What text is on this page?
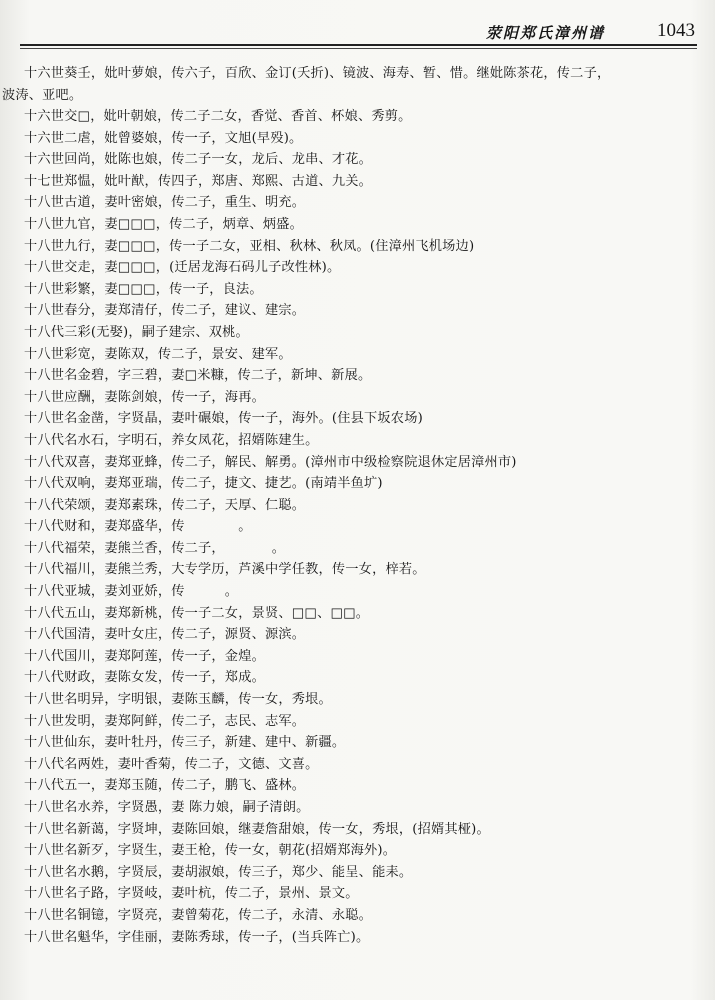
荥阳郑氏漳州谱	1043
十六世葵壬，妣叶萝娘，传六子，百欣、金订(夭折)、镜波、海寿、暂、惜。继妣陈茶花，传二子，
波涛、亚吧。
十六世交□，妣叶朝娘，传二子二女，香觉、香首、杯娘、秀剪。
十六世二虐，妣曾婆娘，传一子，文旭(早殁)。
十六世回尚，妣陈也娘，传二子一女，龙后、龙串、才花。
十七世郑愠，妣叶猷，传四子，郑唐、郑熙、古道、九关。
十八世古道，妻叶密娘，传二子，重生、明充。
十八世九官，妻□□□，传二子，炳章、炳盛。
十八世九行，妻□□□，传一子二女，亚相、秋林、秋凤。(住漳州飞机场边)
十八世交走，妻□□□，(迁居龙海石码儿子改性林)。
十八世彩繁，妻□□□，传一子，良法。
十八世春分，妻郑清仔，传二子，建议、建宗。
十八代三彩(无娶)，嗣子建宗、双桃。
十八世彩宽，妻陈双，传二子，景安、建军。
十八世名金碧，字三碧，妻□米糠，传二子，新坤、新展。
十八世应酬，妻陈剑娘，传一子，海再。
十八世名金凿，字贤晶，妻叶碾娘，传一子，海外。(住县下坂农场)
十八代名水石，字明石，养女凤花，招婿陈建生。
十八代双喜，妻郑亚蜂，传二子，解民、解勇。(漳州市中级检察院退休定居漳州市)
十八代双响，妻郑亚瑞，传二子，捷文、捷艺。(南靖半鱼圹)
十八代荣颂，妻郑素珠，传二子，天厚、仁聪。
十八代财和，妻郑盛华，传　　　　。
十八代福荣，妻熊兰香，传二子，　　　　。
十八代福川，妻熊兰秀，大专学历，芦溪中学任教，传一女，梓若。
十八代亚城，妻刘亚娇，传　　　。
十八代五山，妻郑新桃，传一子二女，景贤、□□、□□。
十八代国清，妻叶女庄，传二子，源贤、源滨。
十八代国川，妻郑阿莲，传一子，金煌。
十八代财政，妻陈女发，传一子，郑成。
十八世名明异，字明银，妻陈玉麟，传一女，秀垠。
十八世发明，妻郑阿鲜，传二子，志民、志军。
十八世仙东，妻叶牡丹，传三子，新建、建中、新疆。
十八代名两姓，妻叶香菊，传二子，文德、文喜。
十八代五一，妻郑玉随，传二子，鹏飞、盛林。
十八世名水养，字贤愚，妻 陈力娘，嗣子清朗。
十八世名新蔼，字贤坤，妻陈回娘，继妻詹甜娘，传一女，秀垠，(招婿其桠)。
十八世名新歹，字贤生，妻王枪，传一女，朝花(招婿郑海外)。
十八世名水鹅，字贤辰，妻胡淑娘，传三子，郑少、能呈、能耒。
十八世名子路，字贤岐，妻叶杭，传二子，景州、景文。
十八世名铜镱，字贤亮，妻曾菊花，传二子，永清、永聪。
十八世名魁华，字佳丽，妻陈秀球，传一子，(当兵阵亡)。
